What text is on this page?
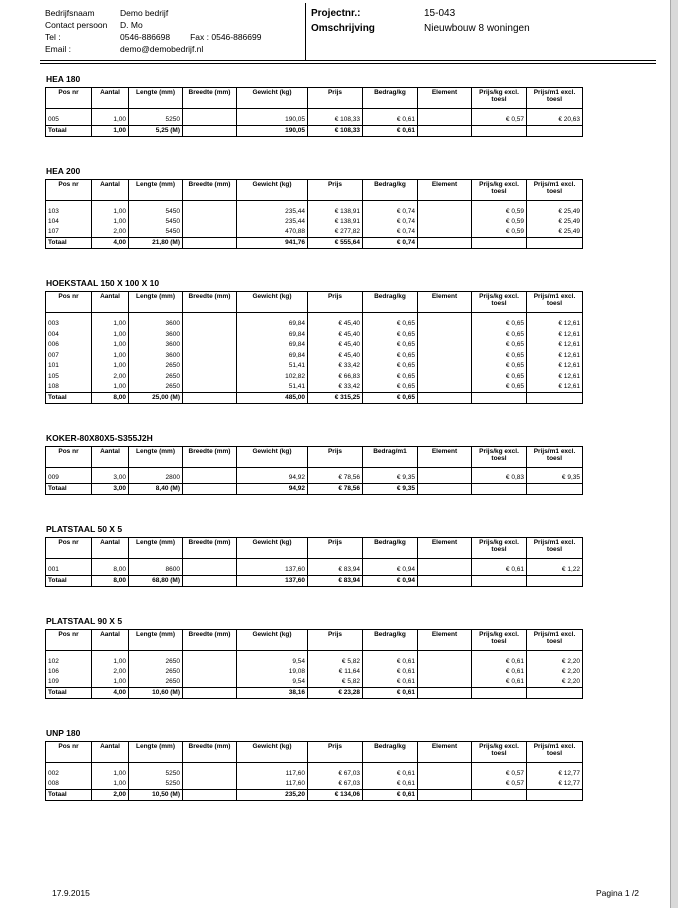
Bedrijfsnaam	Demo bedrijf
Contact persoon	D. Mo
Tel :	0546-886698 Fax : 0546-886699
Email :	demo@demobedrijf.nl
Projectnr.:	15-043
Omschrijving	Nieuwbouw 8 woningen
HEA 180
Pos nr	Aantal	Lengte (mm)	Breedte (mm)	Gewicht (kg)	Prijs	Bedrag/kg	Element	Prijs/kg excl. toesl	Prijs/m1 excl. toesl

005	1,00	5250		190,05	€ 108,33	€ 0,61		€ 0,57	€ 20,63
Totaal	1,00	5,25 (M)		190,05	€ 108,33	€ 0,61			
HEA 200
Pos nr	Aantal	Lengte (mm)	Breedte (mm)	Gewicht (kg)	Prijs	Bedrag/kg	Element	Prijs/kg excl. toesl	Prijs/m1 excl. toesl

103	1,00	5450		235,44	€ 138,91	€ 0,74		€ 0,59	€ 25,49
104	1,00	5450		235,44	€ 138,91	€ 0,74		€ 0,59	€ 25,49
107	2,00	5450		470,88	€ 277,82	€ 0,74		€ 0,59	€ 25,49
Totaal	4,00	21,80 (M)		941,76	€ 555,64	€ 0,74			
HOEKSTAAL 150 X 100 X 10
Pos nr	Aantal	Lengte (mm)	Breedte (mm)	Gewicht (kg)	Prijs	Bedrag/kg	Element	Prijs/kg excl. toesl	Prijs/m1 excl. toesl

003	1,00	3600		69,84	€ 45,40	€ 0,65		€ 0,65	€ 12,61
004	1,00	3600		69,84	€ 45,40	€ 0,65		€ 0,65	€ 12,61
006	1,00	3600		69,84	€ 45,40	€ 0,65		€ 0,65	€ 12,61
007	1,00	3600		69,84	€ 45,40	€ 0,65		€ 0,65	€ 12,61
101	1,00	2650		51,41	€ 33,42	€ 0,65		€ 0,65	€ 12,61
105	2,00	2650		102,82	€ 66,83	€ 0,65		€ 0,65	€ 12,61
108	1,00	2650		51,41	€ 33,42	€ 0,65		€ 0,65	€ 12,61
Totaal	8,00	25,00 (M)		485,00	€ 315,25	€ 0,65			
KOKER-80X80X5-S355J2H
Pos nr	Aantal	Lengte (mm)	Breedte (mm)	Gewicht (kg)	Prijs	Bedrag/m1	Element	Prijs/kg excl. toesl	Prijs/m1 excl. toesl

009	3,00	2800		94,92	€ 78,56	€ 9,35		€ 0,83	€ 9,35
Totaal	3,00	8,40 (M)		94,92	€ 78,56	€ 9,35			
PLATSTAAL 50 X 5
Pos nr	Aantal	Lengte (mm)	Breedte (mm)	Gewicht (kg)	Prijs	Bedrag/kg	Element	Prijs/kg excl. toesl	Prijs/m1 excl. toesl

001	8,00	8600		137,60	€ 83,94	€ 0,94		€ 0,61	€ 1,22
Totaal	8,00	68,80 (M)		137,60	€ 83,94	€ 0,94			
PLATSTAAL 90 X 5
Pos nr	Aantal	Lengte (mm)	Breedte (mm)	Gewicht (kg)	Prijs	Bedrag/kg	Element	Prijs/kg excl. toesl	Prijs/m1 excl. toesl

102	1,00	2650		9,54	€ 5,82	€ 0,61		€ 0,61	€ 2,20
106	2,00	2650		19,08	€ 11,64	€ 0,61		€ 0,61	€ 2,20
109	1,00	2650		9,54	€ 5,82	€ 0,61		€ 0,61	€ 2,20
Totaal	4,00	10,60 (M)		38,16	€ 23,28	€ 0,61			
UNP 180
Pos nr	Aantal	Lengte (mm)	Breedte (mm)	Gewicht (kg)	Prijs	Bedrag/kg	Element	Prijs/kg excl. toesl	Prijs/m1 excl. toesl

002	1,00	5250		117,60	€ 67,03	€ 0,61		€ 0,57	€ 12,77
008	1,00	5250		117,60	€ 67,03	€ 0,61		€ 0,57	€ 12,77
Totaal	2,00	10,50 (M)		235,20	€ 134,06	€ 0,61			
17.9.2015	Pagina 1 /2
